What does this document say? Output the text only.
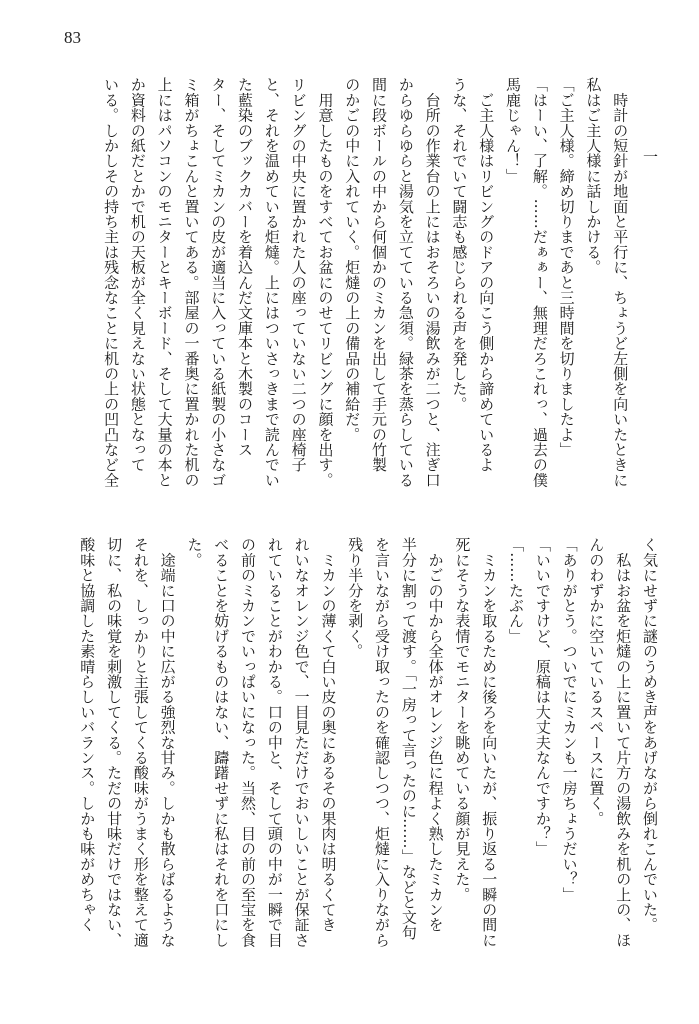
83
一
　時計の短針が地面と平行に、ちょうど左側を向いたときに
私はご主人様に話しかける。
「ご主人様。締め切りまであと三時間を切りましたよ」
「はーい、了解。……だぁぁー、無理だろこれっ、過去の僕
馬鹿じゃん！」
　ご主人様はリビングのドアの向こう側から諦めているよ
うな、それでいて闘志も感じられる声を発した。
　台所の作業台の上にはおそろいの湯飲みが二つと、注ぎ口
からゆらゆらと湯気を立てている急須。緑茶を蒸らしている
間に段ボールの中から何個かのミカンを出して手元の竹製
のかごの中に入れていく。炬燵の上の備品の補給だ。
　用意したものをすべてお盆にのせてリビングに顔を出す。
リビングの中央に置かれた人の座っていない二つの座椅子
と、それを温めている炬燵。上にはついさっきまで読んでい
た藍染のブックカバーを着込んだ文庫本と木製のコース
ター、そしてミカンの皮が適当に入っている紙製の小さなゴ
ミ箱がちょこんと置いてある。部屋の一番奥に置かれた机の
上にはパソコンのモニターとキーボード、そして大量の本と
か資料の紙だとかで机の天板が全く見えない状態となって
いる。しかしその持ち主は残念なことに机の上の凹凸など全
く気にせずに謎のうめき声をあげながら倒れこんでいた。
　私はお盆を炬燵の上に置いて片方の湯飲みを机の上の、ほ
んのわずかに空いているスペースに置く。
「ありがとう。ついでにミカンも一房ちょうだい？」
「いいですけど、原稿は大丈夫なんですか？」
「……たぶん」
　ミカンを取るために後ろを向いたが、振り返る一瞬の間に
死にそうな表情でモニターを眺めている顔が見えた。
　かごの中から全体がオレンジ色に程よく熟したミカンを
半分に割って渡す。「一房って言ったのに……」などと文句
を言いながら受け取ったのを確認しつつ、炬燵に入りながら
残り半分を剥く。
　ミカンの薄くて白い皮の奥にあるその果肉は明るくてき
れいなオレンジ色で、一目見ただけでおいしいことが保証さ
れていることがわかる。口の中と、そして頭の中が一瞬で目
の前のミカンでいっぱいになった。当然、目の前の至宝を食
べることを妨げるものはない、躊躇せずに私はそれを口にし
た。
　途端に口の中に広がる強烈な甘み。しかも散らばるような
それを、しっかりと主張してくる酸味がうまく形を整えて適
切に、私の味覚を刺激してくる。ただの甘味だけではない、
酸味と協調した素晴らしいバランス。しかも味がめちゃく
